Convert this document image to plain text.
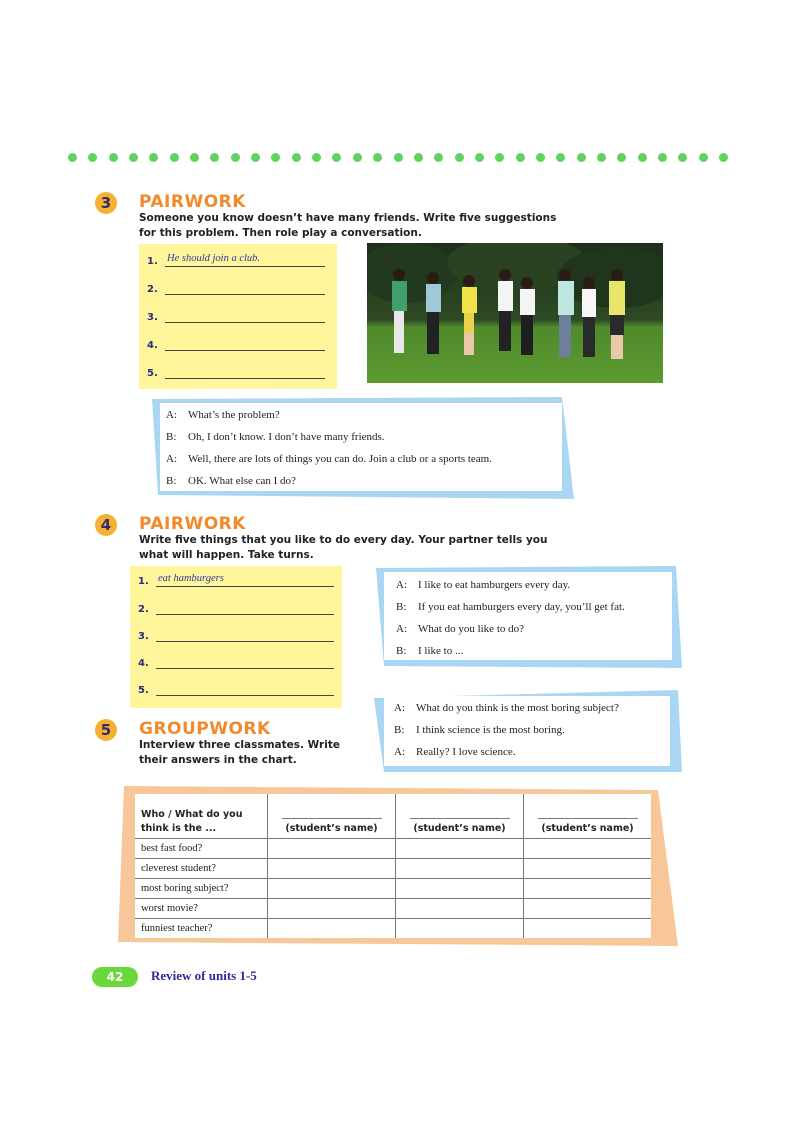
3	PAIRWORK
Someone you know doesn’t have many friends. Write five suggestions
for this problem. Then role play a conversation.
1. He should join a club.
2.
3.
4.
5.
A:	What’s the problem?
B:	Oh, I don’t know. I don’t have many friends.
A:	Well, there are lots of things you can do. Join a club or a sports team.
B:	OK. What else can I do?
4	PAIRWORK
Write five things that you like to do every day. Your partner tells you
what will happen. Take turns.
1. eat hamburgers
2.
3.
4.
5.
A:	I like to eat hamburgers every day.
B:	If you eat hamburgers every day, you’ll get fat.
A:	What do you like to do?
B:	I like to ...
5	GROUPWORK
Interview three classmates. Write
their answers in the chart.
A:	What do you think is the most boring subject?
B:	I think science is the most boring.
A:	Really? I love science.
Who / What do you
think is the ...	(student’s name)	(student’s name)	(student’s name)
best fast food?			
cleverest student?			
most boring subject?			
worst movie?			
funniest teacher?			
42	Review of units 1-5
